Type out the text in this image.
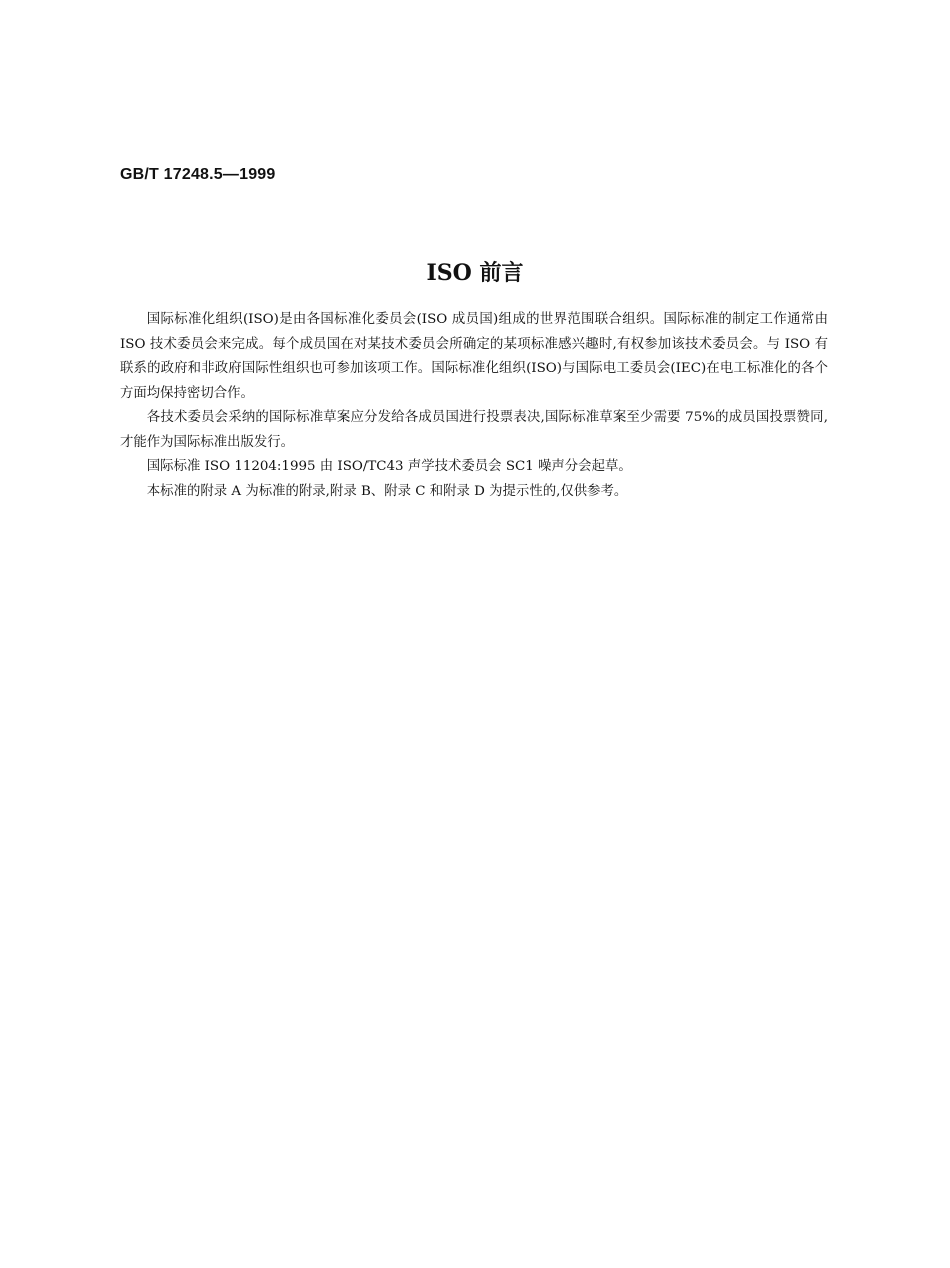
GB/T 17248.5—1999
ISO 前言

国际标准化组织(ISO)是由各国标准化委员会(ISO 成员国)组成的世界范围联合组织。国际标准的制定工作通常由 ISO 技术委员会来完成。每个成员国在对某技术委员会所确定的某项标准感兴趣时,有权参加该技术委员会。与 ISO 有联系的政府和非政府国际性组织也可参加该项工作。国际标准化组织(ISO)与国际电工委员会(IEC)在电工标准化的各个方面均保持密切合作。

各技术委员会采纳的国际标准草案应分发给各成员国进行投票表决,国际标准草案至少需要 75%的成员国投票赞同,才能作为国际标准出版发行。

国际标准 ISO 11204:1995 由 ISO/TC43 声学技术委员会 SC1 噪声分会起草。

本标准的附录 A 为标准的附录,附录 B、附录 C 和附录 D 为提示性的,仅供参考。
